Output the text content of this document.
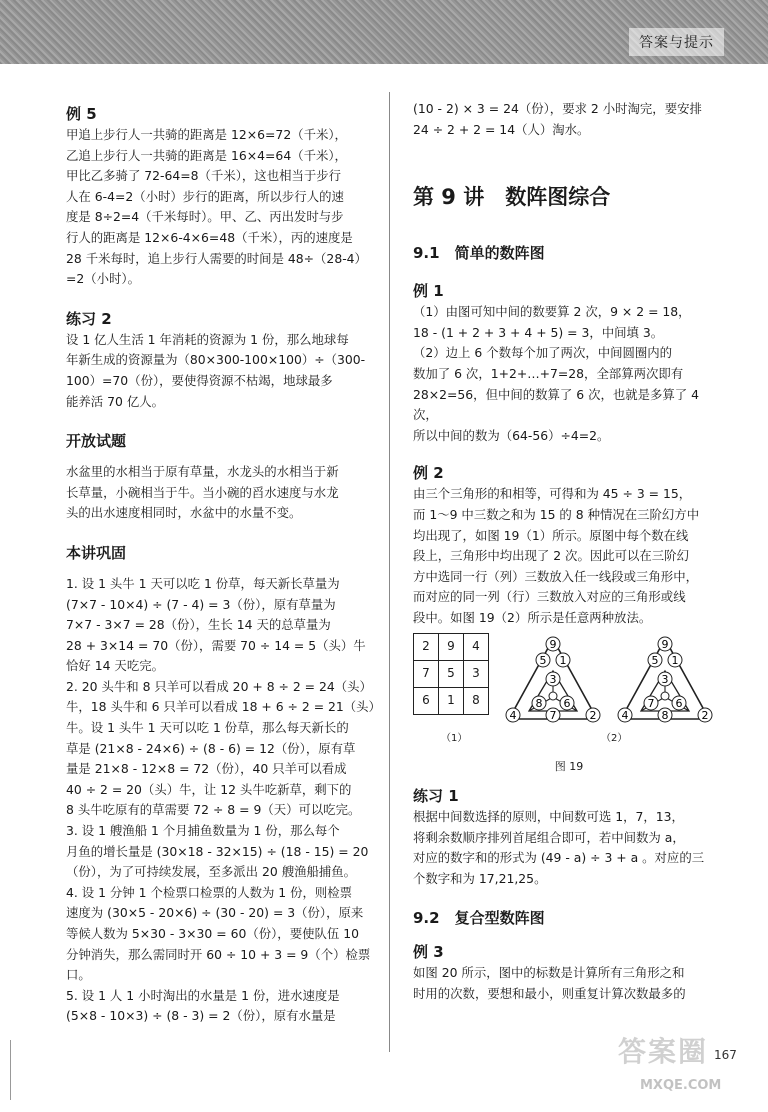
答案与提示

例 5

甲追上步行人一共骑的距离是 12×6=72（千米），

乙追上步行人一共骑的距离是 16×4=64（千米），

甲比乙多骑了 72-64=8（千米），这也相当于步行

人在 6-4=2（小时）步行的距离，所以步行人的速

度是 8÷2=4（千米每时）。甲、乙、丙出发时与步

行人的距离是 12×6-4×6=48（千米），丙的速度是

28 千米每时，追上步行人需要的时间是 48÷（28-4）

=2（小时）。

练习 2

设 1 亿人生活 1 年消耗的资源为 1 份，那么地球每

年新生成的资源量为（80×300-100×100）÷（300-

100）=70（份），要使得资源不枯竭，地球最多

能养活 70 亿人。

开放试题

水盆里的水相当于原有草量，水龙头的水相当于新

长草量，小碗相当于牛。当小碗的舀水速度与水龙

头的出水速度相同时，水盆中的水量不变。

本讲巩固

1. 设 1 头牛 1 天可以吃 1 份草，每天新长草量为

(7×7 - 10×4) ÷ (7 - 4) = 3（份），原有草量为

7×7 - 3×7 = 28（份），生长 14 天的总草量为

28 + 3×14 = 70（份），需要 70 ÷ 14 = 5（头）牛

恰好 14 天吃完。

2. 20 头牛和 8 只羊可以看成 20 + 8 ÷ 2 = 24（头）

牛，18 头牛和 6 只羊可以看成 18 + 6 ÷ 2 = 21（头）

牛。设 1 头牛 1 天可以吃 1 份草，那么每天新长的

草是 (21×8 - 24×6) ÷ (8 - 6) = 12（份），原有草

量是 21×8 - 12×8 = 72（份），40 只羊可以看成

40 ÷ 2 = 20（头）牛，让 12 头牛吃新草，剩下的

8 头牛吃原有的草需要 72 ÷ 8 = 9（天）可以吃完。

3. 设 1 艘渔船 1 个月捕鱼数量为 1 份，那么每个

月鱼的增长量是 (30×18 - 32×15) ÷ (18 - 15) = 20

（份），为了可持续发展，至多派出 20 艘渔船捕鱼。

4. 设 1 分钟 1 个检票口检票的人数为 1 份，则检票

速度为 (30×5 - 20×6) ÷ (30 - 20) = 3（份），原来

等候人数为 5×30 - 3×30 = 60（份），要使队伍 10

分钟消失，那么需同时开 60 ÷ 10 + 3 = 9（个）检票口。

5. 设 1 人 1 小时淘出的水量是 1 份，进水速度是

(5×8 - 10×3) ÷ (8 - 3) = 2（份），原有水量是

(10 - 2) × 3 = 24（份），要求 2 小时淘完，要安排

24 ÷ 2 + 2 = 14（人）淘水。

第 9 讲　数阵图综合

9.1　简单的数阵图

例 1

（1）由图可知中间的数要算 2 次，9 × 2 = 18，

18 - (1 + 2 + 3 + 4 + 5) = 3，中间填 3。

（2）边上 6 个数每个加了两次，中间圆圈内的

数加了 6 次，1+2+…+7=28，全部算两次即有

28×2=56，但中间的数算了 6 次，也就是多算了 4 次，

所以中间的数为（64-56）÷4=2。

例 2

由三个三角形的和相等，可得和为 45 ÷ 3 = 15，

而 1～9 中三数之和为 15 的 8 种情况在三阶幻方中

均出现了，如图 19（1）所示。原图中每个数在线

段上，三角形中均出现了 2 次。因此可以在三阶幻

方中选同一行（列）三数放入任一线段或三角形中，

而对应的同一列（行）三数放入对应的三角形或线

段中。如图 19（2）所示是任意两种放法。

2	9	4
7	5	3
6	1	8
9
5 1
3
8 6
4	2
7
9
5 1
3
7 6
4	2
8
（1）	（2）
图 19

练习 1

根据中间数选择的原则，中间数可选 1，7，13，

将剩余数顺序排列首尾组合即可，若中间数为 a，

对应的数字和的形式为 (49 - a) ÷ 3 + a 。对应的三

个数字和为 17,21,25。

9.2　复合型数阵图

例 3

如图 20 所示，图中的标数是计算所有三角形之和

时用的次数，要想和最小，则重复计算次数最多的

答案圈
MXQE.COM
167
